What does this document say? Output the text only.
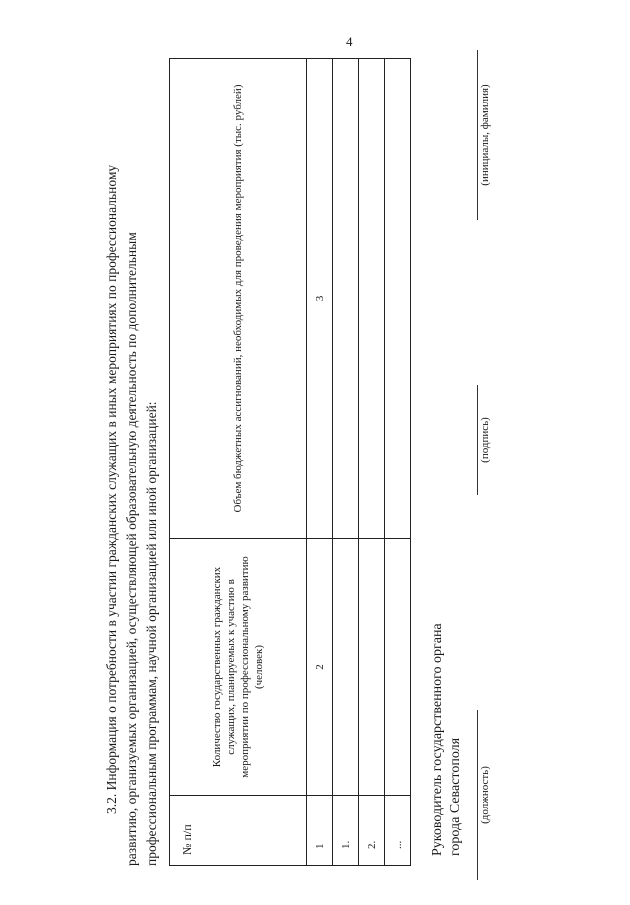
4

3.2. Информация о потребности в участии гражданских служащих в иных мероприятиях по профессиональному развитию, организуемых организацией, осуществляющей образовательную деятельность по дополнительным профессиональным программам, научной организацией или иной организацией: № п/п	Количество государственных гражданских служащих, планируемых к участию в мероприятии по профессиональному развитию (человек)	Объем бюджетных ассигнований, необходимых для проведения мероприятия (тыс. рублей)
1	2	3
1.		
2.		
...		Руководитель государственного органа города Севастополя (должность)
(подпись)
(инициалы, фамилия)
